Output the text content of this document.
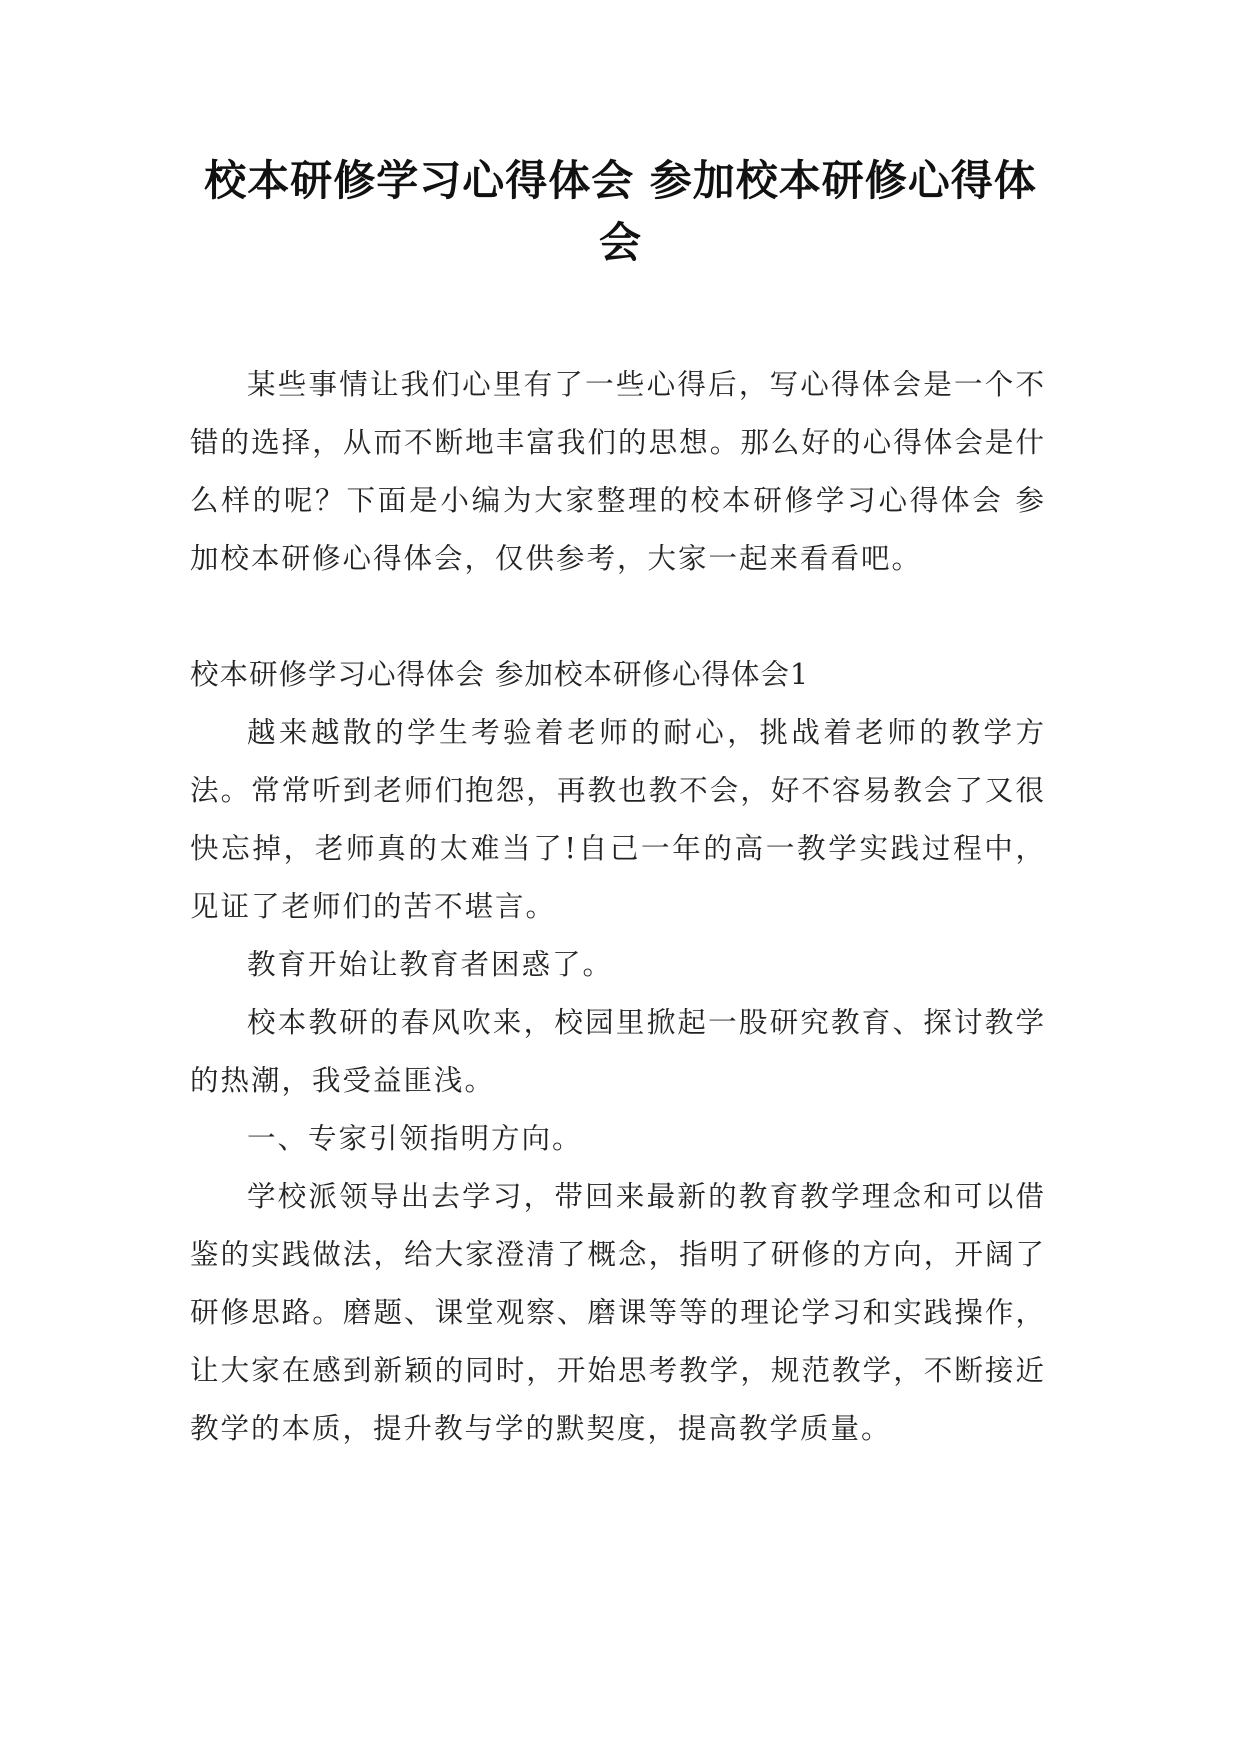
校本研修学习心得体会 参加校本研修心得体会

某些事情让我们心里有了一些心得后，写心得体会是一个不错的选择，从而不断地丰富我们的思想。那么好的心得体会是什么样的呢？下面是小编为大家整理的校本研修学习心得体会 参加校本研修心得体会，仅供参考，大家一起来看看吧。

校本研修学习心得体会 参加校本研修心得体会1

越来越散的学生考验着老师的耐心，挑战着老师的教学方法。常常听到老师们抱怨，再教也教不会，好不容易教会了又很快忘掉，老师真的太难当了!自己一年的高一教学实践过程中，见证了老师们的苦不堪言。

教育开始让教育者困惑了。

校本教研的春风吹来，校园里掀起一股研究教育、探讨教学的热潮，我受益匪浅。

一、专家引领指明方向。

学校派领导出去学习，带回来最新的教育教学理念和可以借鉴的实践做法，给大家澄清了概念，指明了研修的方向，开阔了研修思路。磨题、课堂观察、磨课等等的理论学习和实践操作，让大家在感到新颖的同时，开始思考教学，规范教学，不断接近教学的本质，提升教与学的默契度，提高教学质量。
